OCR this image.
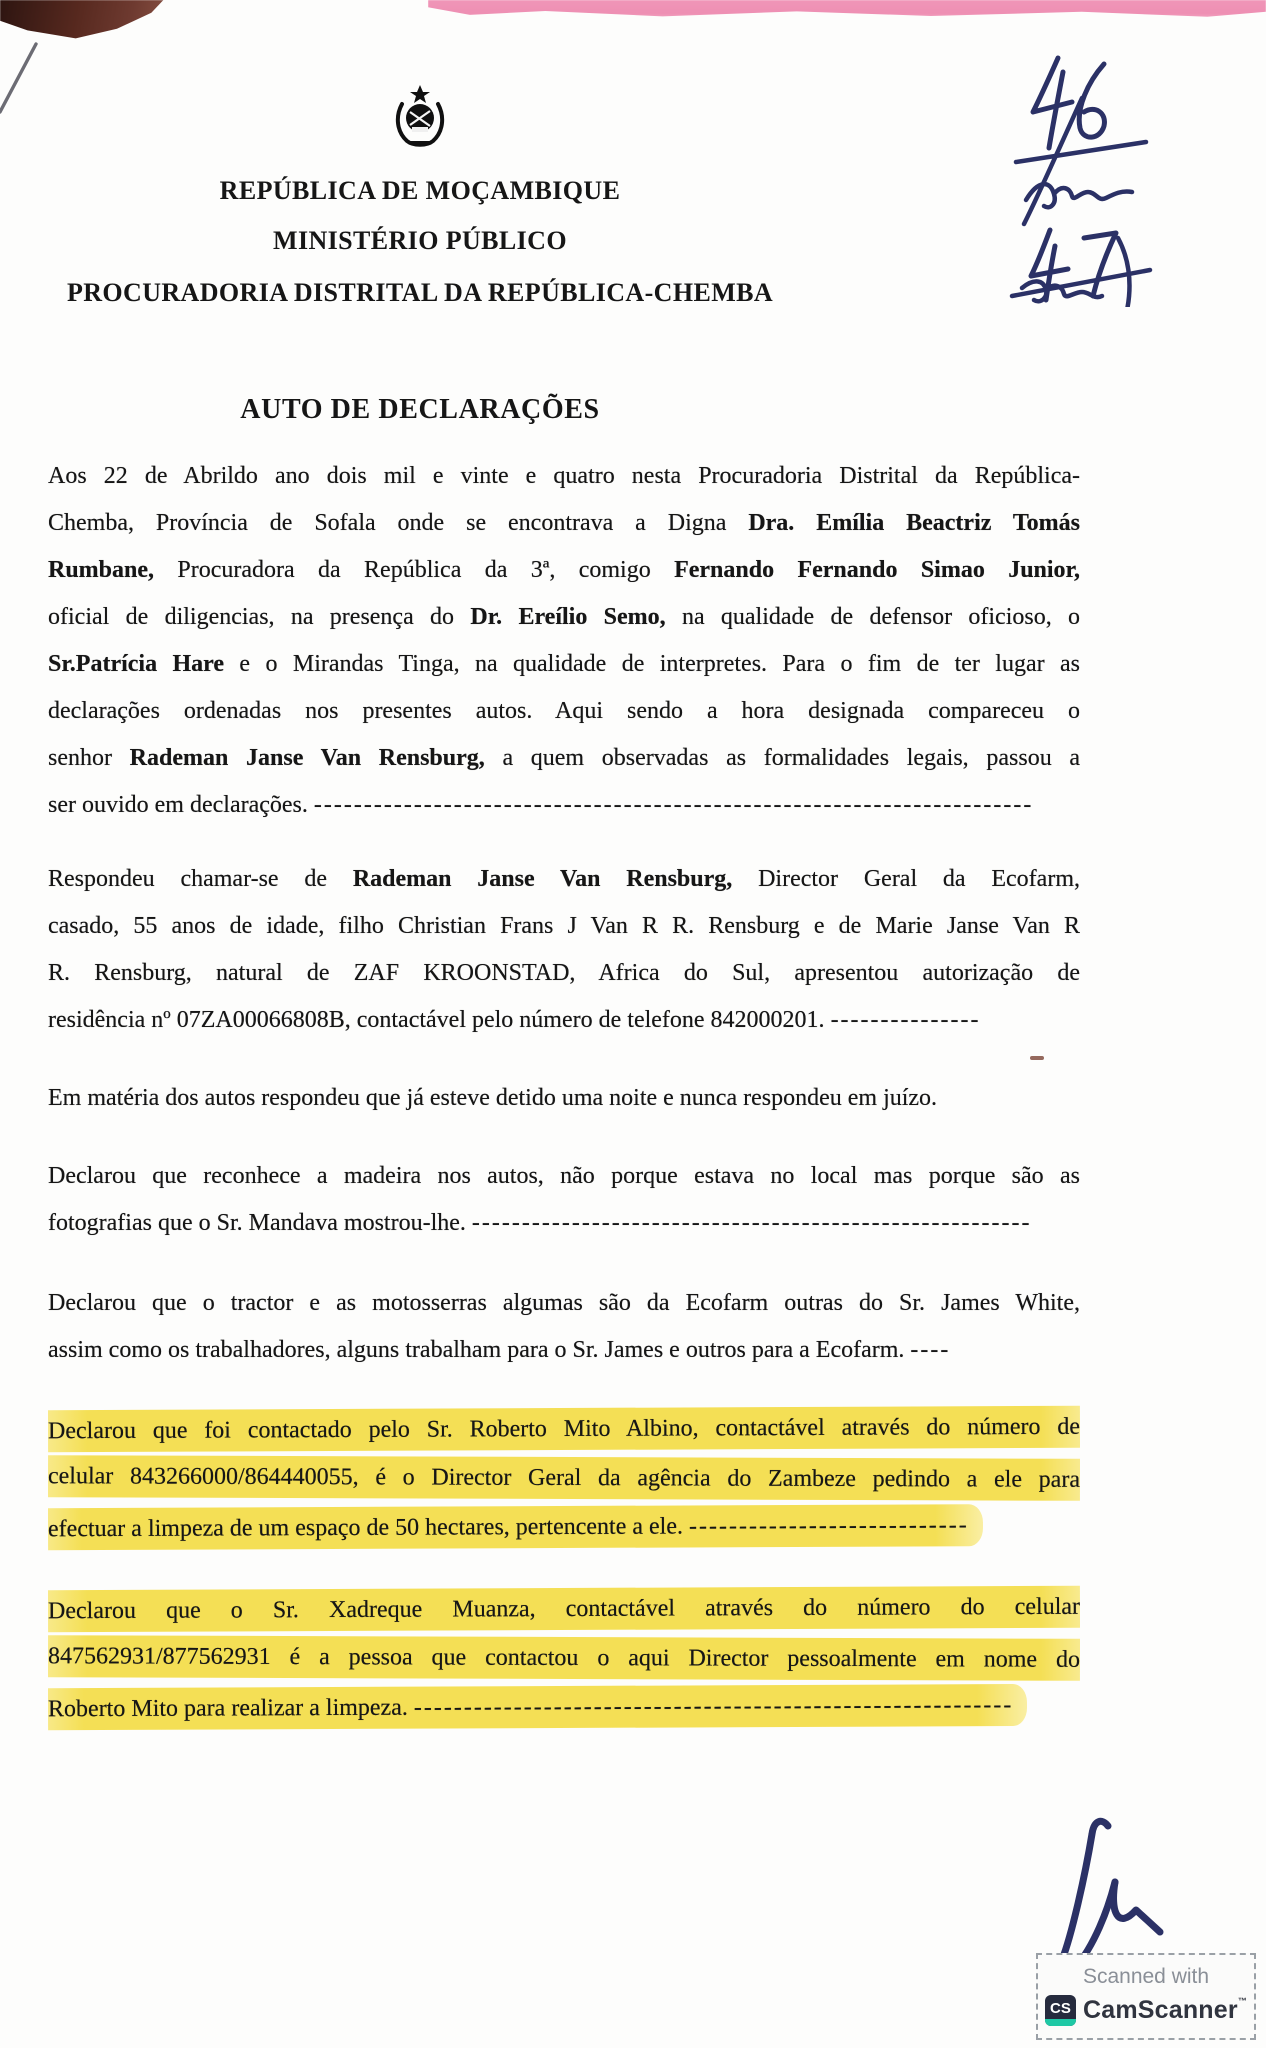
REPÚBLICA DE MOÇAMBIQUE
MINISTÉRIO PÚBLICO
PROCURADORIA DISTRITAL DA REPÚBLICA-CHEMBA
AUTO DE DECLARAÇÕES
Aos 22 de Abrildo ano dois mil e vinte e quatro nesta Procuradoria Distrital da República-
Chemba, Província de Sofala onde se encontrava a Digna Dra. Emília Beactriz Tomás
Rumbane, Procuradora da República da 3ª, comigo Fernando Fernando Simao Junior,
oficial de diligencias, na presença do Dr. Ereílio Semo, na qualidade de defensor oficioso, o
Sr.Patrícia Hare e o Mirandas Tinga, na qualidade de interpretes. Para o fim de ter lugar as
declarações ordenadas nos presentes autos. Aqui sendo a hora designada compareceu o
senhor Rademan Janse Van Rensburg, a quem observadas as formalidades legais, passou a
ser ouvido em declarações. ------------------------------------------------------------------------
Respondeu chamar-se de Rademan Janse Van Rensburg, Director Geral da Ecofarm,
casado, 55 anos de idade, filho Christian Frans J Van R R. Rensburg e de Marie Janse Van R
R. Rensburg, natural de ZAF KROONSTAD, Africa do Sul, apresentou autorização de
residência nº 07ZA00066808B, contactável pelo número de telefone 842000201. ---------------
Em matéria dos autos respondeu que já esteve detido uma noite e nunca respondeu em juízo.
Declarou que reconhece a madeira nos autos, não porque estava no local mas porque são as
fotografias que o Sr. Mandava mostrou-lhe. --------------------------------------------------------
Declarou que o tractor e as motosserras algumas são da Ecofarm outras do Sr. James White,
assim como os trabalhadores, alguns trabalham para o Sr. James e outros para a Ecofarm. ----
Declarou que foi contactado pelo Sr. Roberto Mito Albino, contactável através do número de
celular 843266000/864440055, é o Director Geral da agência do Zambeze pedindo a ele para
efectuar a limpeza de um espaço de 50 hectares, pertencente a ele. ----------------------------
Declarou que o Sr. Xadreque Muanza, contactável através do número do celular
847562931/877562931 é a pessoa que contactou o aqui Director pessoalmente em nome do
Roberto Mito para realizar a limpeza. ------------------------------------------------------------
Scanned with
CS CamScanner™
